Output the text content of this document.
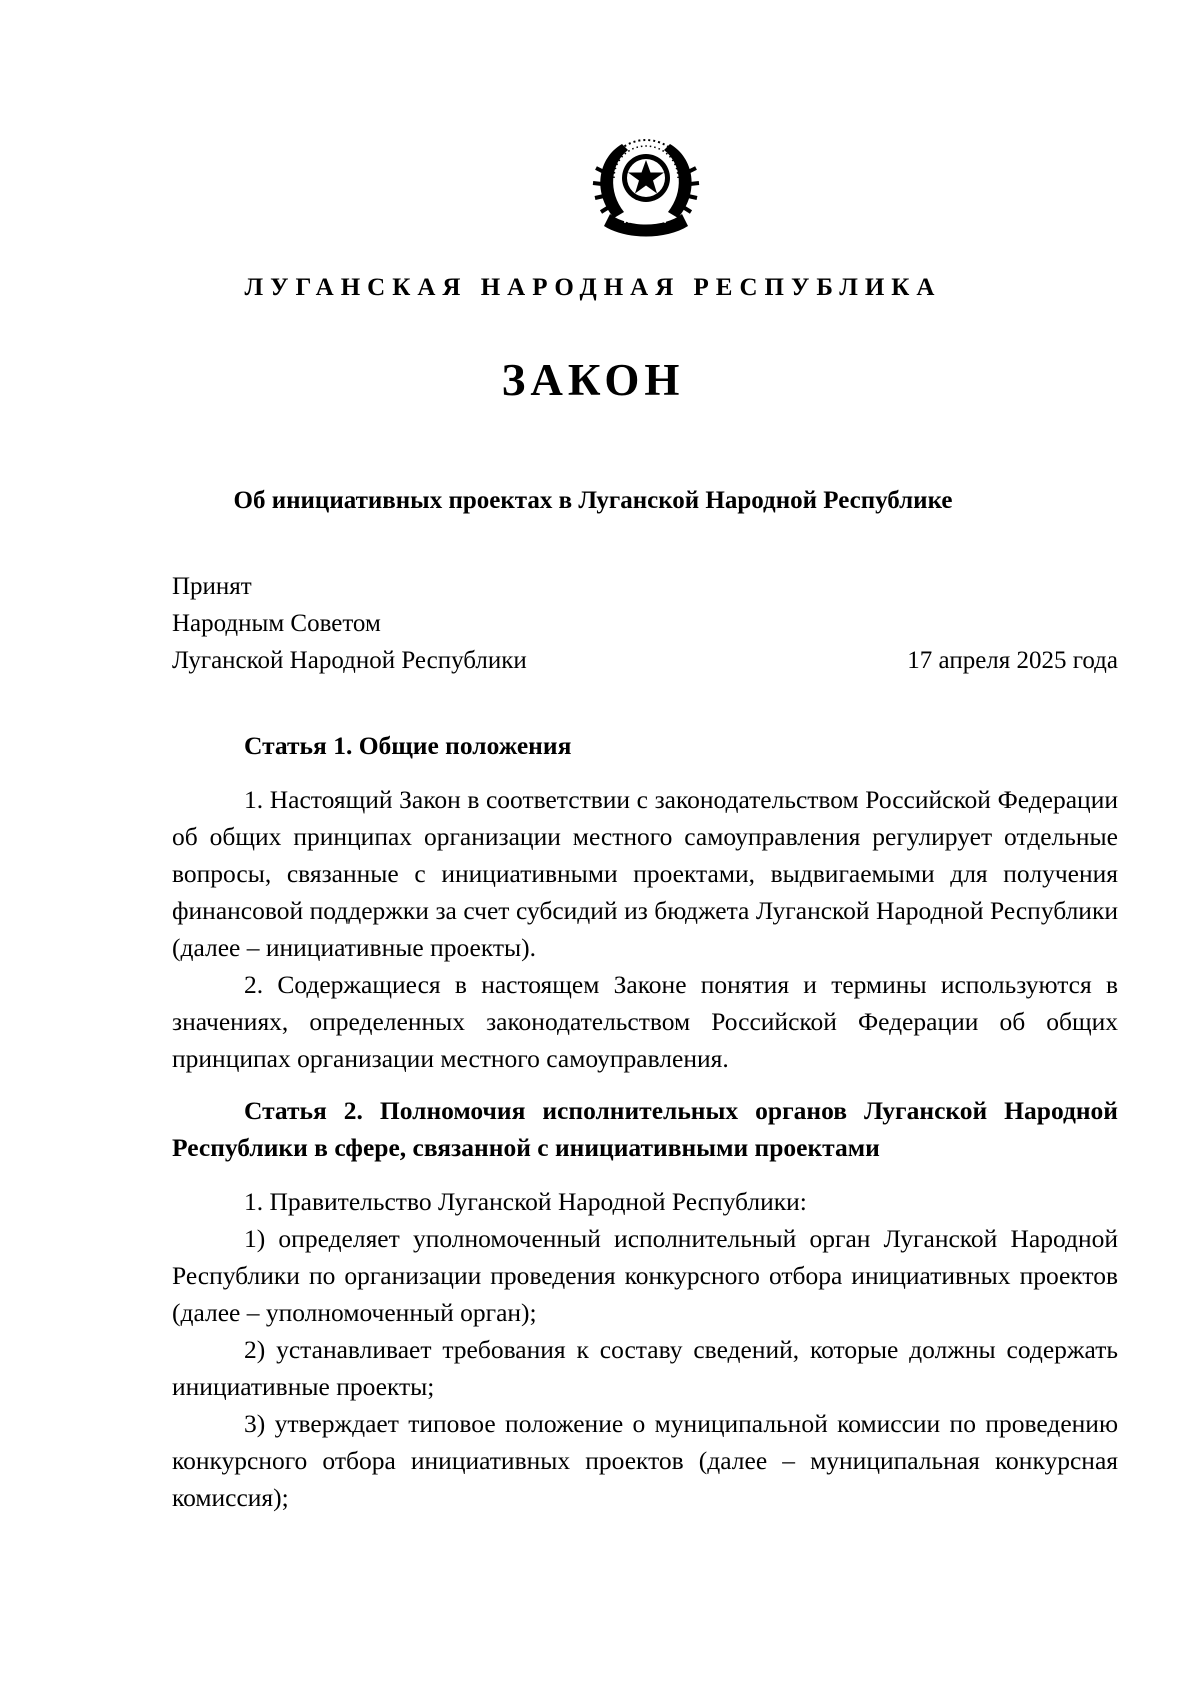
ЛУГАНСКАЯ НАРОДНАЯ РЕСПУБЛИКА
ЗАКОН
Об инициативных проектах в Луганской Народной Республике
Принят
Народным Советом
Луганской Народной Республики	17 апреля 2025 года
Статья 1. Общие положения

1. Настоящий Закон в соответствии с законодательством Российской Федерации об общих принципах организации местного самоуправления регулирует отдельные вопросы, связанные с инициативными проектами, выдвигаемыми для получения финансовой поддержки за счет субсидий из бюджета Луганской Народной Республики (далее – инициативные проекты).

2. Содержащиеся в настоящем Законе понятия и термины используются в значениях, определенных законодательством Российской Федерации об общих принципах организации местного самоуправления.

Статья 2. Полномочия исполнительных органов Луганской Народной Республики в сфере, связанной с инициативными проектами

1. Правительство Луганской Народной Республики:

1) определяет уполномоченный исполнительный орган Луганской Народной Республики по организации проведения конкурсного отбора инициативных проектов (далее – уполномоченный орган);

2) устанавливает требования к составу сведений, которые должны содержать инициативные проекты;

3) утверждает типовое положение о муниципальной комиссии по проведению конкурсного отбора инициативных проектов (далее – муниципальная конкурсная комиссия);
